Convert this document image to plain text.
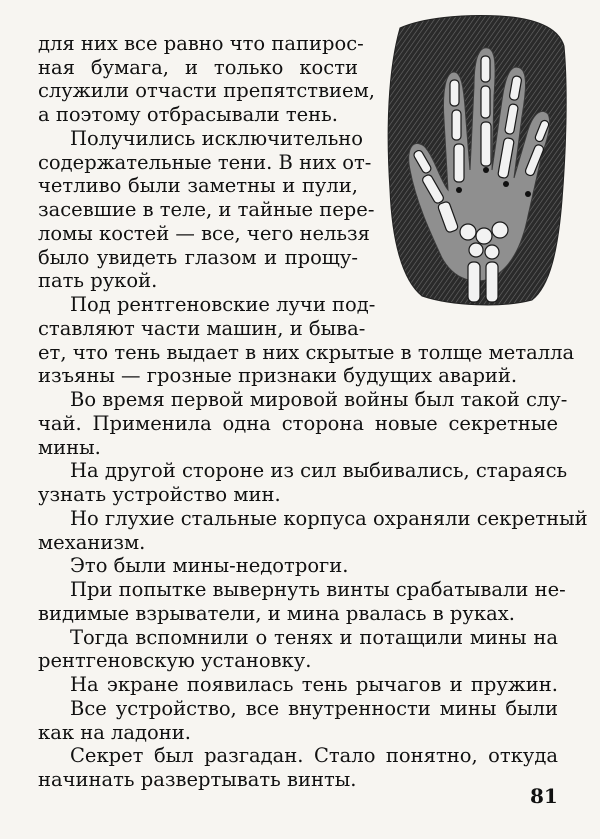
для них все равно что папирос-
ная бумага, и только кости
служили отчасти препятствием,
а поэтому отбрасывали тень.
Получились исключительно
содержательные тени. В них от-
четливо были заметны и пули,
засевшие в теле, и тайные пере-
ломы костей — все, чего нельзя
было увидеть глазом и прощу-
пать рукой.
Под рентгеновские лучи под-
ставляют части машин, и быва-
ет, что тень выдает в них скрытые в толще металла
изъяны — грозные признаки будущих аварий.
Во время первой мировой войны был такой слу-
чай. Применила одна сторона новые секретные
мины.
На другой стороне из сил выбивались, стараясь
узнать устройство мин.
Но глухие стальные корпуса охраняли секретный
механизм.
Это были мины-недотроги.
При попытке вывернуть винты срабатывали не-
видимые взрыватели, и мина рвалась в руках.
Тогда вспомнили о тенях и потащили мины на
рентгеновскую установку.
На экране появилась тень рычагов и пружин.
Все устройство, все внутренности мины были
как на ладони.
Секрет был разгадан. Стало понятно, откуда
начинать развертывать винты.
81
